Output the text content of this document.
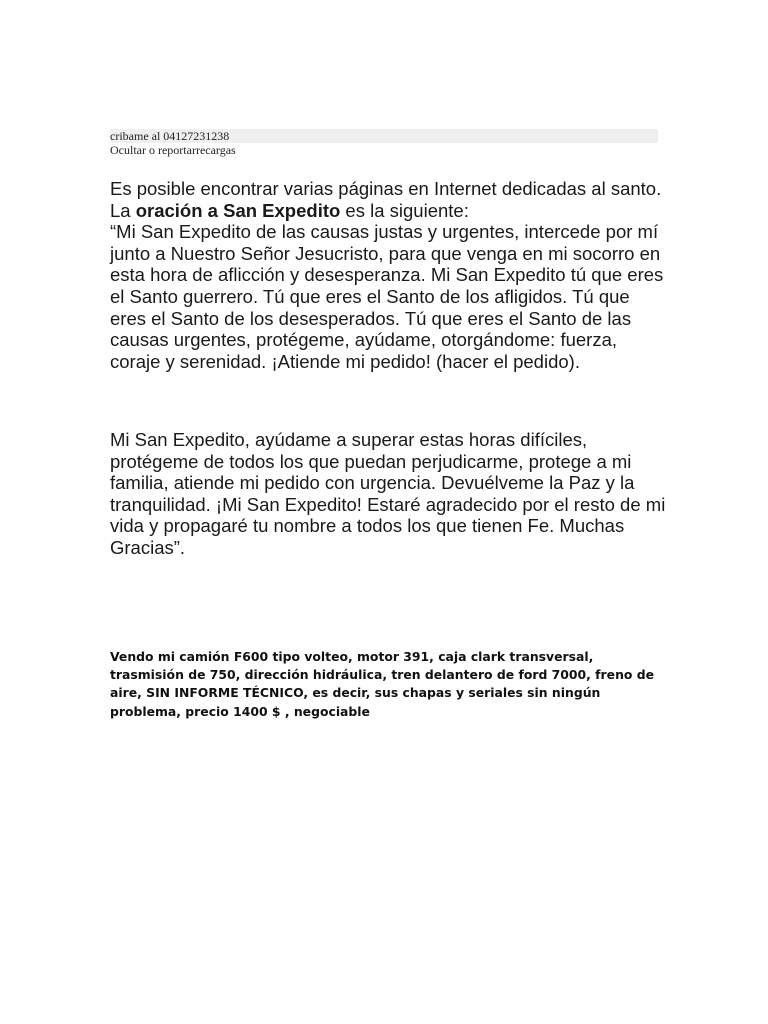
cribame al 04127231238
Ocultar o reportarrecargas

Es posible encontrar varias páginas en Internet dedicadas al santo. La oración a San Expedito es la siguiente:
“Mi San Expedito de las causas justas y urgentes, intercede por mí junto a Nuestro Señor Jesucristo, para que venga en mi socorro en esta hora de aflicción y desesperanza. Mi San Expedito tú que eres el Santo guerrero. Tú que eres el Santo de los afligidos. Tú que eres el Santo de los desesperados. Tú que eres el Santo de las causas urgentes, protégeme, ayúdame, otorgándome: fuerza, coraje y serenidad. ¡Atiende mi pedido! (hacer el pedido).

Mi San Expedito, ayúdame a superar estas horas difíciles, protégeme de todos los que puedan perjudicarme, protege a mi familia, atiende mi pedido con urgencia. Devuélveme la Paz y la tranquilidad. ¡Mi San Expedito! Estaré agradecido por el resto de mi vida y propagaré tu nombre a todos los que tienen Fe. Muchas Gracias”.

Vendo mi camión F600 tipo volteo, motor 391, caja clark transversal, trasmisión de 750, dirección hidráulica, tren delantero de ford 7000, freno de aire, SIN INFORME TÉCNICO, es decir, sus chapas y seriales sin ningún problema, precio 1400 $ , negociable
